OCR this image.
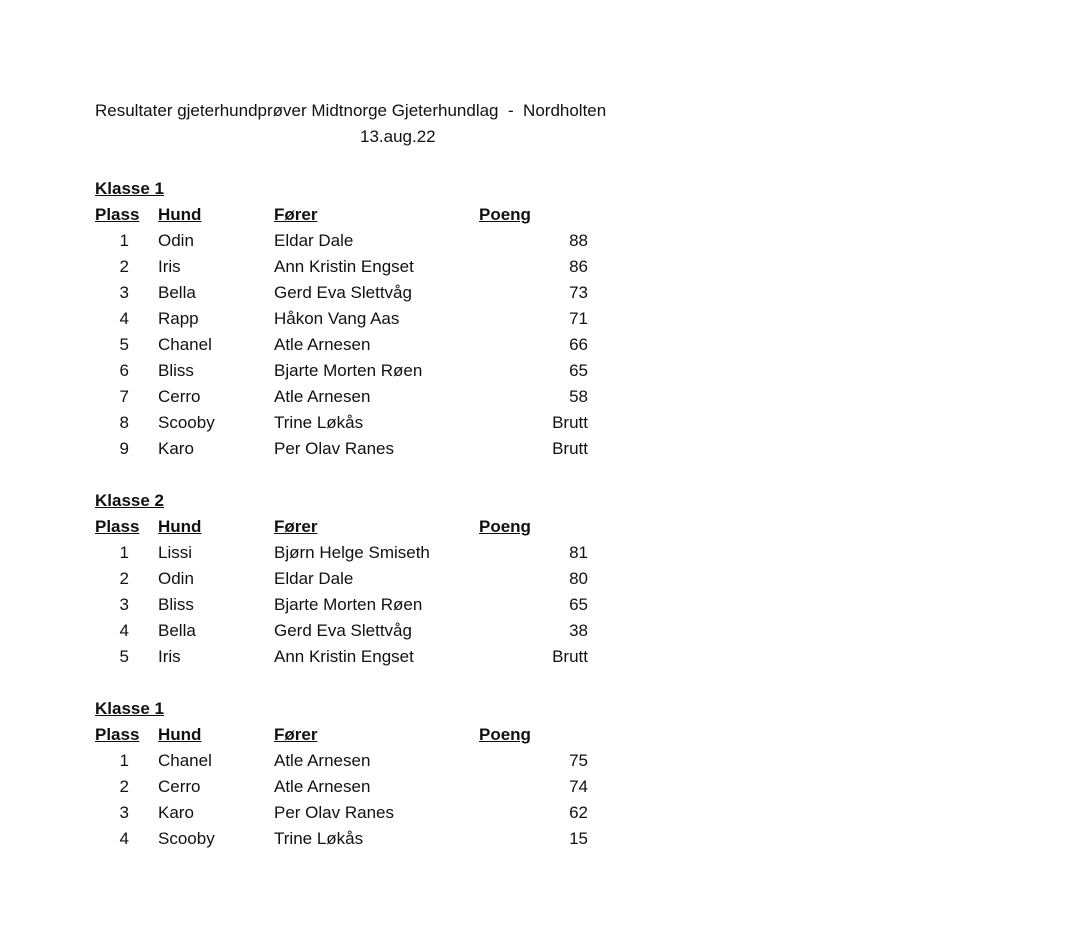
Resultater gjeterhundprøver Midtnorge Gjeterhundlag  -  Nordholten
13.aug.22
Klasse 1
Plass Hund	Fører	Poeng
1 Odin	Eldar Dale	88
2 Iris	Ann Kristin Engset	86
3 Bella	Gerd Eva Slettvåg	73
4 Rapp	Håkon Vang Aas	71
5 Chanel	Atle Arnesen	66
6 Bliss	Bjarte Morten Røen	65
7 Cerro	Atle Arnesen	58
8 Scooby	Trine Løkås	Brutt
9 Karo	Per Olav Ranes	Brutt
Klasse 2
Plass Hund	Fører	Poeng
1 Lissi	Bjørn Helge Smiseth	81
2 Odin	Eldar Dale	80
3 Bliss	Bjarte Morten Røen	65
4 Bella	Gerd Eva Slettvåg	38
5 Iris	Ann Kristin Engset	Brutt
Klasse 1
Plass Hund	Fører	Poeng
1 Chanel	Atle Arnesen	75
2 Cerro	Atle Arnesen	74
3 Karo	Per Olav Ranes	62
4 Scooby	Trine Løkås	15
